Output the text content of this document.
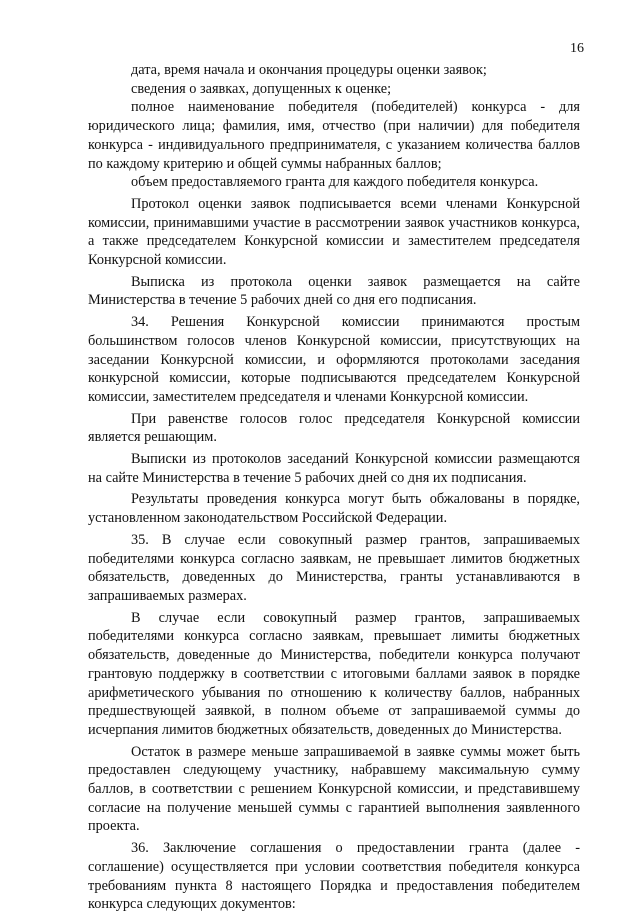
16

дата, время начала и окончания процедуры оценки заявок;

сведения о заявках, допущенных к оценке;

полное наименование победителя (победителей) конкурса - для юридического лица; фамилия, имя, отчество (при наличии) для победителя конкурса - индивидуального предпринимателя, с указанием количества баллов по каждому критерию и общей суммы набранных баллов;

объем предоставляемого гранта для каждого победителя конкурса.

Протокол оценки заявок подписывается всеми членами Конкурсной комиссии, принимавшими участие в рассмотрении заявок участников конкурса, а также председателем Конкурсной комиссии и заместителем председателя Конкурсной комиссии.

Выписка из протокола оценки заявок размещается на сайте Министерства в течение 5 рабочих дней со дня его подписания.

34. Решения Конкурсной комиссии принимаются простым большинством голосов членов Конкурсной комиссии, присутствующих на заседании Конкурсной комиссии, и оформляются протоколами заседания конкурсной комиссии, которые подписываются председателем Конкурсной комиссии, заместителем председателя и членами Конкурсной комиссии.

При равенстве голосов голос председателя Конкурсной комиссии является решающим.

Выписки из протоколов заседаний Конкурсной комиссии размещаются на сайте Министерства в течение 5 рабочих дней со дня их подписания.

Результаты проведения конкурса могут быть обжалованы в порядке, установленном законодательством Российской Федерации.

35. В случае если совокупный размер грантов, запрашиваемых победителями конкурса согласно заявкам, не превышает лимитов бюджетных обязательств, доведенных до Министерства, гранты устанавливаются в запрашиваемых размерах.

В случае если совокупный размер грантов, запрашиваемых победителями конкурса согласно заявкам, превышает лимиты бюджетных обязательств, доведенные до Министерства, победители конкурса получают грантовую поддержку в соответствии с итоговыми баллами заявок в порядке арифметического убывания по отношению к количеству баллов, набранных предшествующей заявкой, в полном объеме от запрашиваемой суммы до исчерпания лимитов бюджетных обязательств, доведенных до Министерства.

Остаток в размере меньше запрашиваемой в заявке суммы может быть предоставлен следующему участнику, набравшему максимальную сумму баллов, в соответствии с решением Конкурсной комиссии, и представившему согласие на получение меньшей суммы с гарантией выполнения заявленного проекта.

36. Заключение соглашения о предоставлении гранта (далее - соглашение) осуществляется при условии соответствия победителя конкурса требованиям пункта 8 настоящего Порядка и предоставления победителем конкурса следующих документов:
